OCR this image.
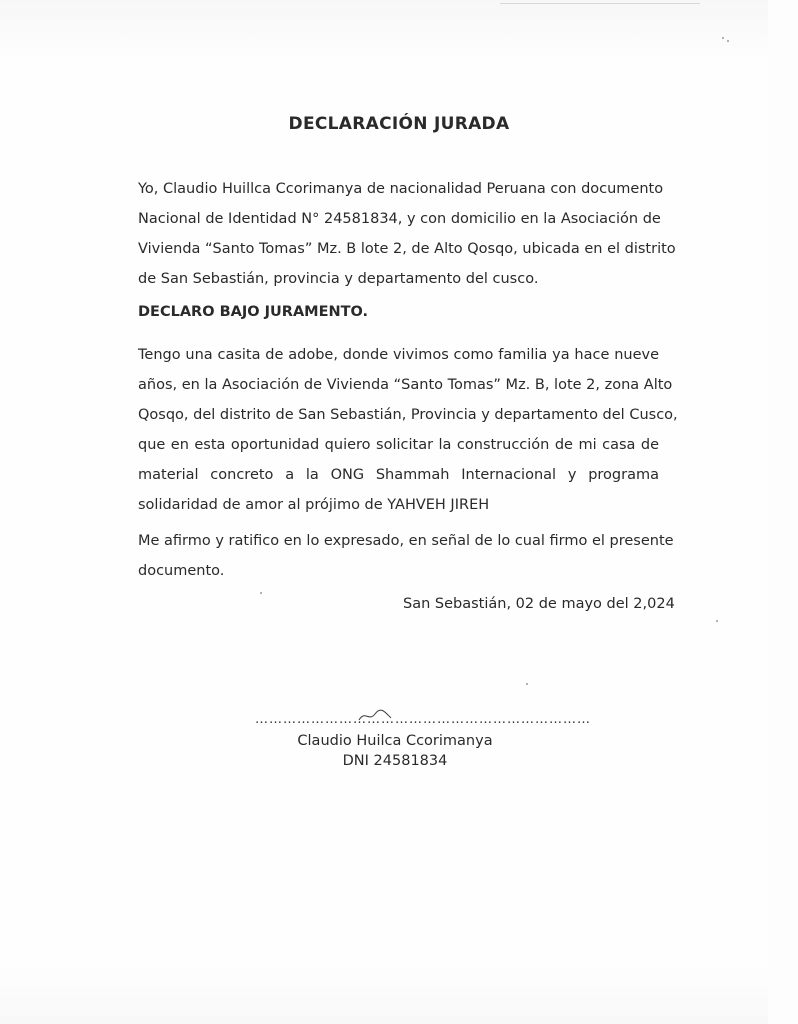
DECLARACIÓN JURADA
Yo, Claudio Huillca Ccorimanya de nacionalidad Peruana con documento
Nacional de Identidad N° 24581834, y con domicilio en la Asociación de
Vivienda “Santo Tomas” Mz. B lote 2, de Alto Qosqo, ubicada en el distrito
de San Sebastián, provincia y departamento del cusco.
DECLARO BAJO JURAMENTO.
Tengo una casita de adobe, donde vivimos como familia ya hace nueve
años, en la Asociación de Vivienda “Santo Tomas” Mz. B, lote 2, zona Alto
Qosqo, del distrito de San Sebastián, Provincia y departamento del Cusco,
que en esta oportunidad quiero solicitar la construcción de mi casa de
material concreto a la ONG Shammah Internacional y programa
solidaridad de amor al prójimo de YAHVEH JIREH
Me afirmo y ratifico en lo expresado, en señal de lo cual firmo el presente
documento.
San Sebastián, 02 de mayo del 2,024
………………………………………………………………
Claudio Huilca Ccorimanya
DNI 24581834
